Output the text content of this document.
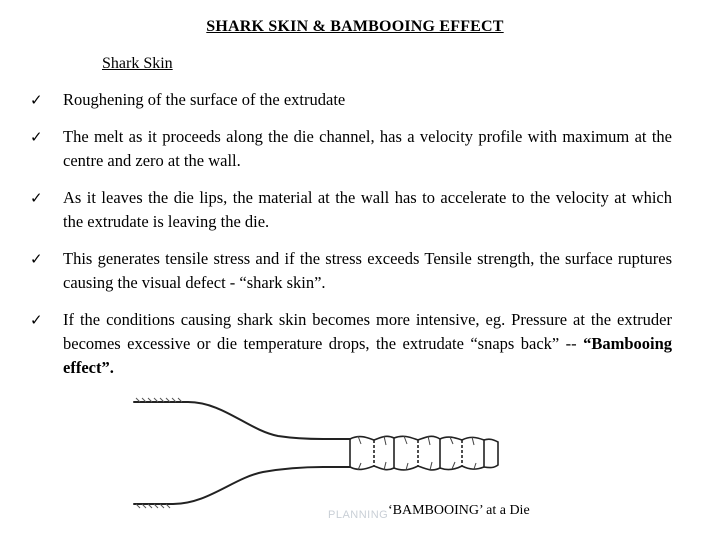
SHARK SKIN & BAMBOOING EFFECT
Shark Skin
✓	Roughening of the surface of the extrudate
✓	The melt as it proceeds along the die channel, has a velocity profile with maximum at the centre and zero at the wall.
✓	As it leaves the die lips, the material at the wall has to accelerate to the velocity at which the extrudate is leaving the die.
✓	This generates tensile stress and if the stress exceeds Tensile strength, the surface ruptures causing the visual defect - “shark skin”.
✓	If the conditions causing shark skin becomes more intensive, eg. Pressure at the extruder becomes excessive or die temperature drops, the extrudate “snaps back” -- “Bambooing effect”.
PLANNING ‘BAMBOOING’ at a Die
